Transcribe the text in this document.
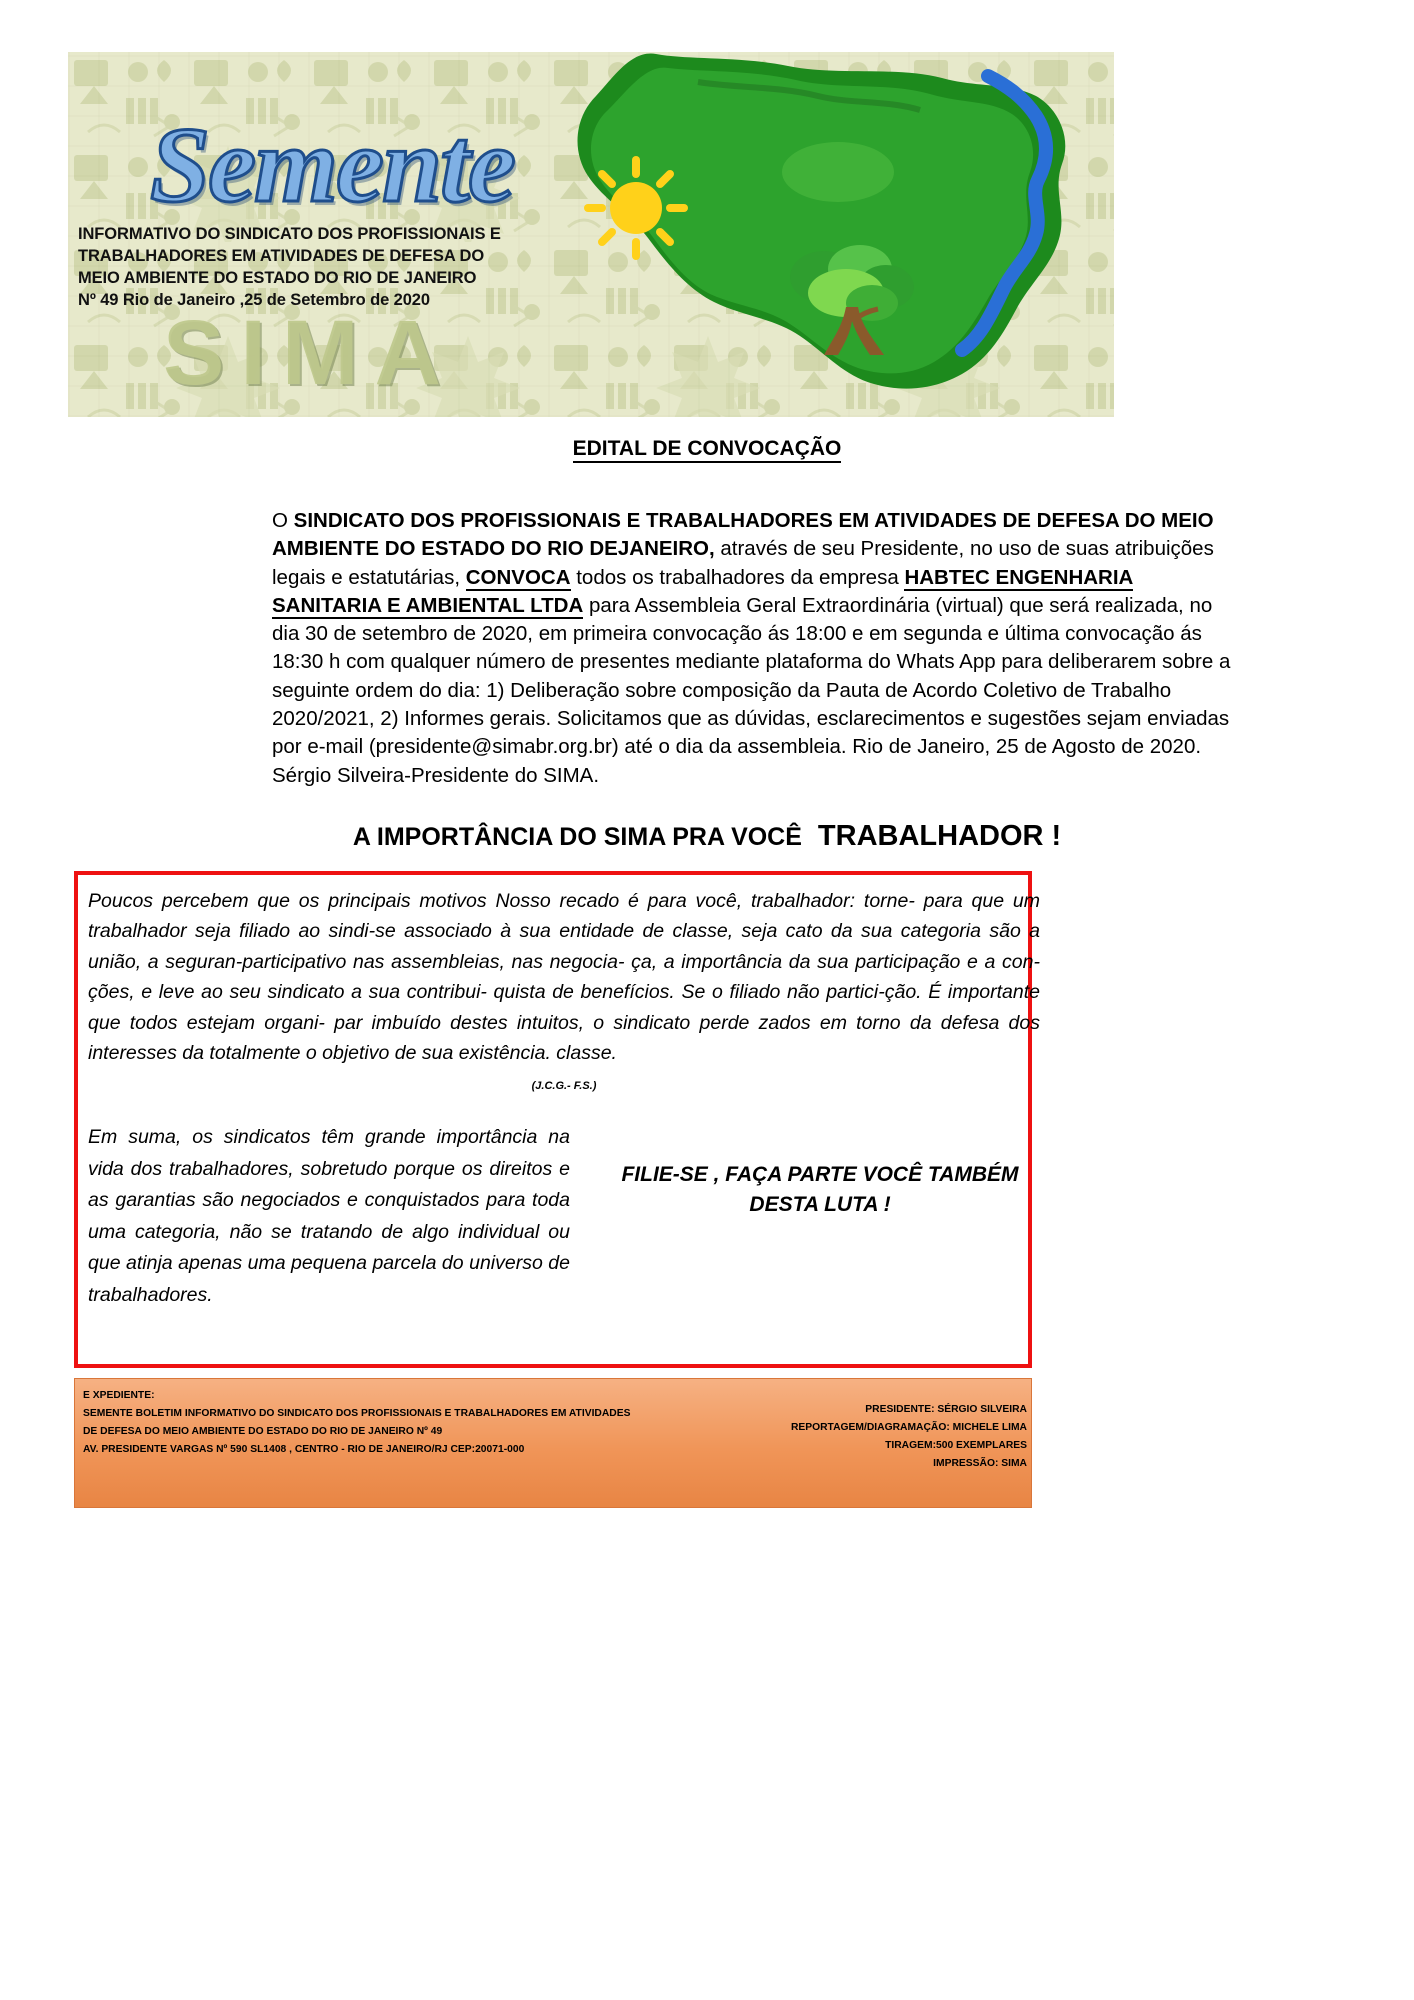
Semente
SIMA
INFORMATIVO DO SINDICATO DOS PROFISSIONAIS E
TRABALHADORES EM ATIVIDADES DE DEFESA DO
MEIO AMBIENTE DO ESTADO DO RIO DE JANEIRO
Nº 49 Rio de Janeiro ,25 de Setembro de 2020
EDITAL DE CONVOCAÇÃO
O SINDICATO DOS PROFISSIONAIS E TRABALHADORES EM ATIVIDADES DE DEFESA DO MEIO AMBIENTE DO ESTADO DO RIO DEJANEIRO, através de seu Presidente, no uso de suas atribuições legais e estatutárias, CONVOCA todos os trabalhadores da empresa HABTEC ENGENHARIA SANITARIA E AMBIENTAL LTDA para Assembleia Geral Extraordinária (virtual) que será realizada, no dia 30 de setembro de 2020, em primeira convocação ás 18:00 e em segunda e última convocação ás 18:30 h com qualquer número de presentes mediante plataforma do Whats App para deliberarem sobre a seguinte ordem do dia: 1) Deliberação sobre composição da Pauta de Acordo Coletivo de Trabalho 2020/2021, 2) Informes gerais. Solicitamos que as dúvidas, esclarecimentos e sugestões sejam enviadas por e-mail (presidente@simabr.org.br) até o dia da assembleia. Rio de Janeiro, 25 de Agosto de 2020. Sérgio Silveira-Presidente do SIMA.
A IMPORTÂNCIA DO SIMA PRA VOCÊ TRABALHADOR !
Poucos percebem que os principais motivos Nosso recado é para você, trabalhador: torne- para que um trabalhador seja filiado ao sindi-se associado à sua entidade de classe, seja cato da sua categoria são a união, a seguran-participativo nas assembleias, nas negocia- ça, a importância da sua participação e a con-ções, e leve ao seu sindicato a sua contribui- quista de benefícios. Se o filiado não partici-ção. É importante que todos estejam organi- par imbuído destes intuitos, o sindicato perde zados em torno da defesa dos interesses da totalmente o objetivo de sua existência. classe.
(J.C.G.- F.S.)
Em suma, os sindicatos têm grande importância na vida dos trabalhadores, sobretudo porque os direitos e as garantias são negociados e conquistados para toda uma categoria, não se tratando de algo individual ou que atinja apenas uma pequena parcela do universo de trabalhadores.
FILIE-SE , FAÇA PARTE VOCÊ TAMBÉM
DESTA LUTA !
E XPEDIENTE:
SEMENTE BOLETIM INFORMATIVO DO SINDICATO DOS PROFISSIONAIS E TRABALHADORES EM ATIVIDADES
DE DEFESA DO MEIO AMBIENTE DO ESTADO DO RIO DE JANEIRO Nº 49
AV. PRESIDENTE VARGAS Nº 590 SL1408 , CENTRO - RIO DE JANEIRO/RJ CEP:20071-000
PRESIDENTE: SÉRGIO SILVEIRA
REPORTAGEM/DIAGRAMAÇÃO: MICHELE LIMA
TIRAGEM:500 EXEMPLARES
IMPRESSÃO: SIMA
